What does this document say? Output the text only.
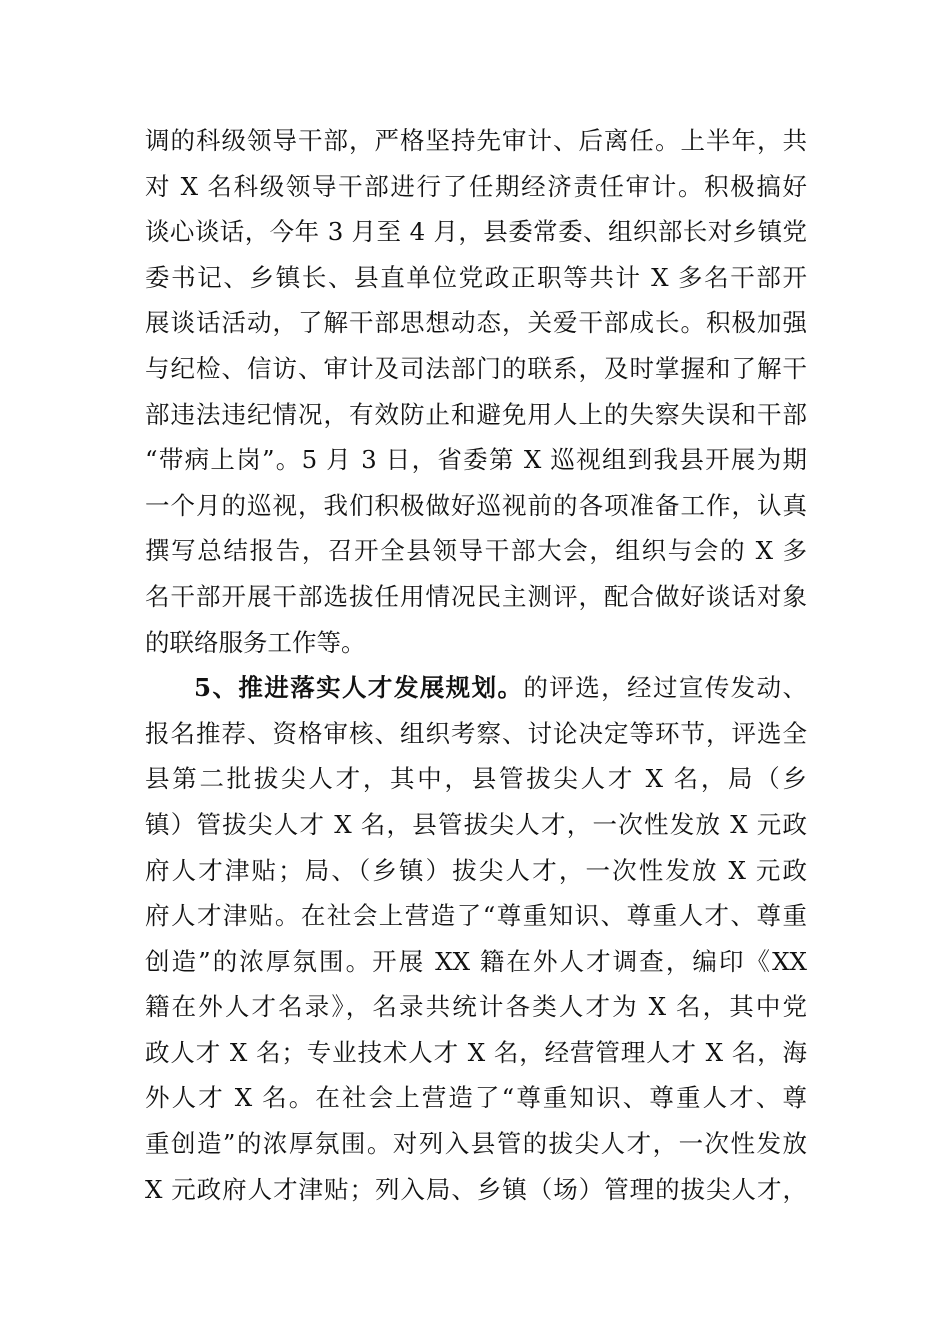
调的科级领导干部，严格坚持先审计、后离任。上半年，共
对 X 名科级领导干部进行了任期经济责任审计。积极搞好
谈心谈话，今年 3 月至 4 月，县委常委、组织部长对乡镇党
委书记、乡镇长、县直单位党政正职等共计 X 多名干部开
展谈话活动，了解干部思想动态，关爱干部成长。积极加强
与纪检、信访、审计及司法部门的联系，及时掌握和了解干
部违法违纪情况，有效防止和避免用人上的失察失误和干部
“带病上岗”。5 月 3 日，省委第 X 巡视组到我县开展为期
一个月的巡视，我们积极做好巡视前的各项准备工作，认真
撰写总结报告，召开全县领导干部大会，组织与会的 X 多
名干部开展干部选拔任用情况民主测评，配合做好谈话对象
的联络服务工作等。
5、推进落实人才发展规划。的评选，经过宣传发动、
报名推荐、资格审核、组织考察、讨论决定等环节，评选全
县第二批拔尖人才，其中，县管拔尖人才 X 名，局（乡
镇）管拔尖人才 X 名，县管拔尖人才，一次性发放 X 元政
府人才津贴；局、（乡镇）拔尖人才，一次性发放 X 元政
府人才津贴。在社会上营造了“尊重知识、尊重人才、尊重
创造”的浓厚氛围。开展 XX 籍在外人才调查，编印《XX
籍在外人才名录》，名录共统计各类人才为 X 名，其中党
政人才 X 名；专业技术人才 X 名，经营管理人才 X 名，海
外人才 X 名。在社会上营造了“尊重知识、尊重人才、尊
重创造”的浓厚氛围。对列入县管的拔尖人才，一次性发放
X 元政府人才津贴；列入局、乡镇（场）管理的拔尖人才，
